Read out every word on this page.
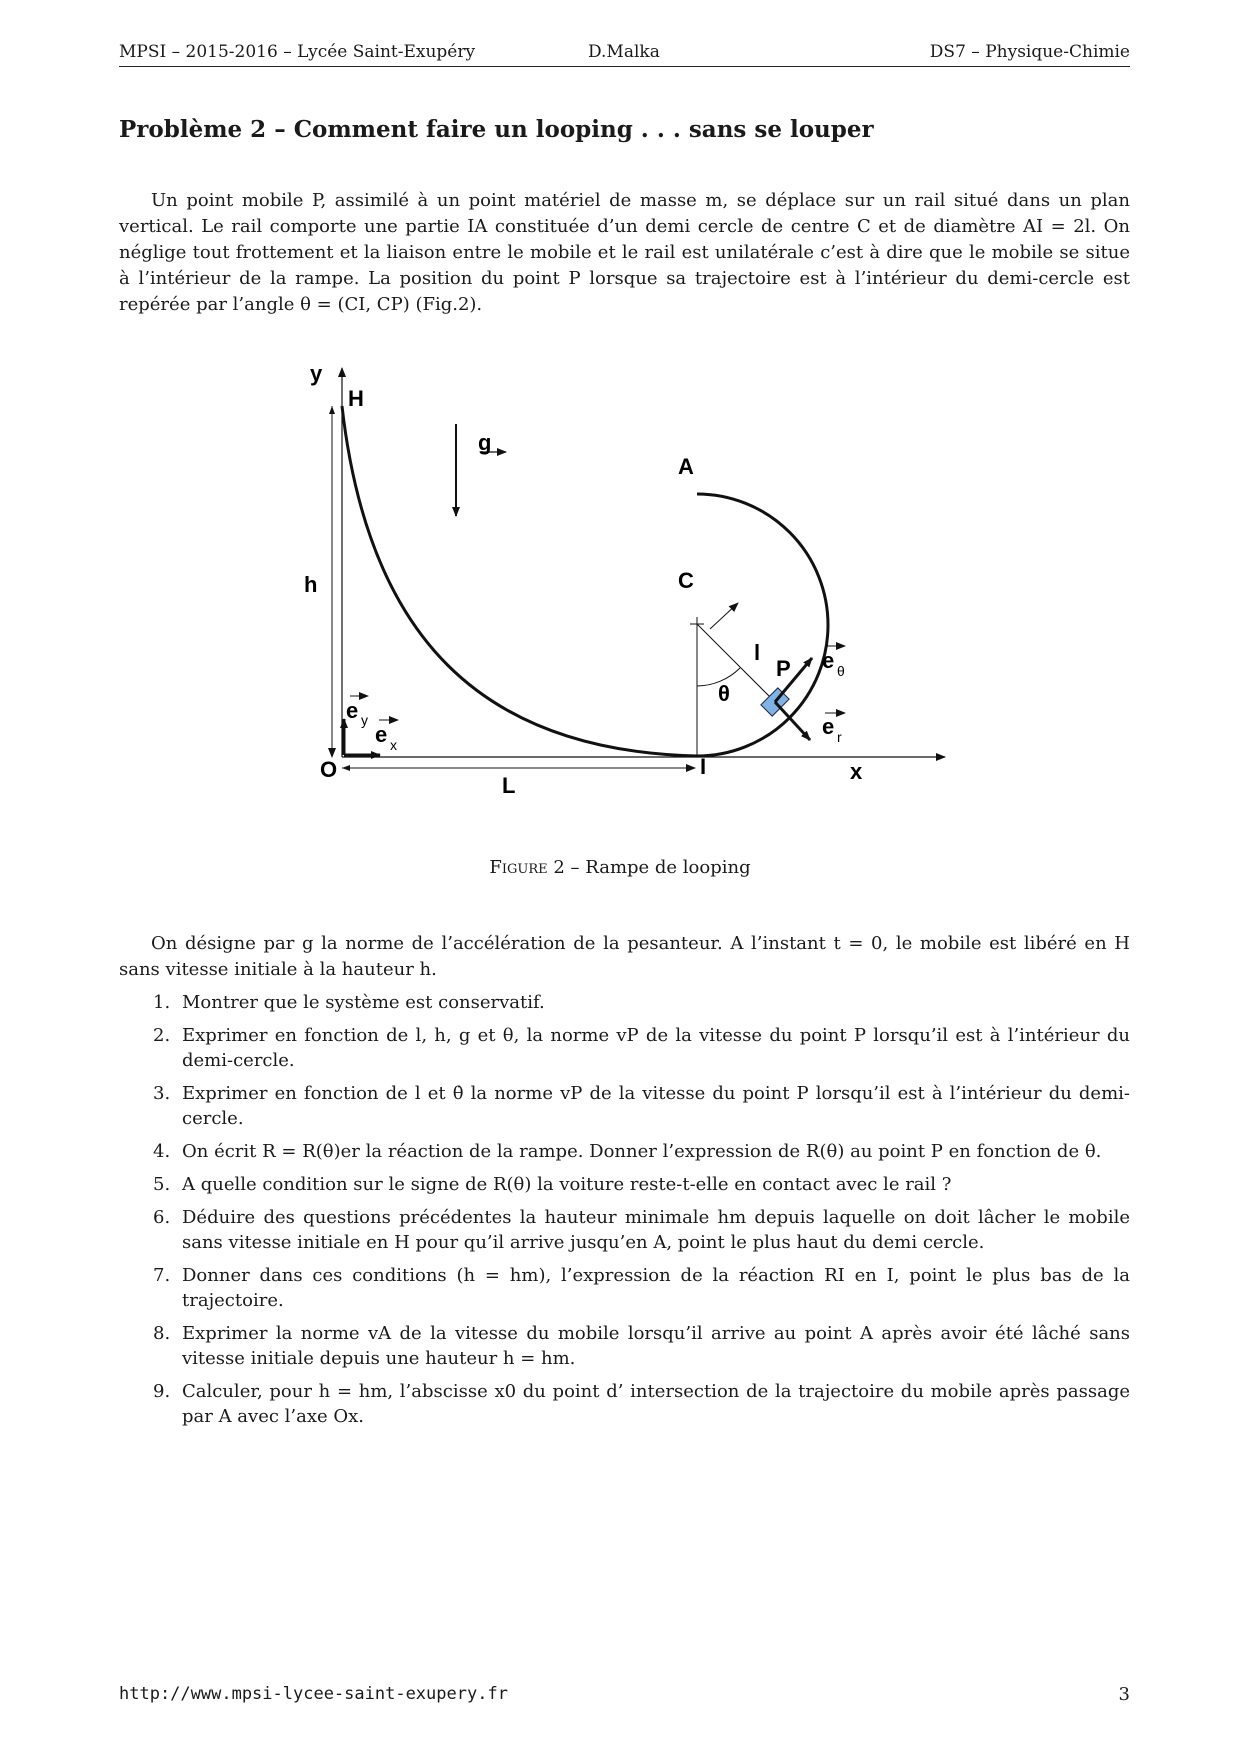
MPSI – 2015-2016 – Lycée Saint-Exupéry	D.Malka	DS7 – Physique-Chimie
Problème 2 – Comment faire un looping . . . sans se louper

Un point mobile P, assimilé à un point matériel de masse m, se déplace sur un rail situé dans un plan vertical. Le rail comporte une partie IA constituée d’un demi cercle de centre C et de diamètre AI = 2l. On néglige tout frottement et la liaison entre le mobile et le rail est unilatérale c’est à dire que le mobile se situe à l’intérieur de la rampe. La position du point P lorsque sa trajectoire est à l’intérieur du demi-cercle est repérée par l’angle θ = (CI, CP) (Fig.2).

y
H
g
A
h	C
l
P
θ
e θ
e y
e x
e r
O	I	x
L
Figure 2 – Rampe de looping

On désigne par g la norme de l’accélération de la pesanteur. A l’instant t = 0, le mobile est libéré en H sans vitesse initiale à la hauteur h.

1. Montrer que le système est conservatif.
2. Exprimer en fonction de l, h, g et θ, la norme vP de la vitesse du point P lorsqu’il est à l’intérieur du demi-cercle.
3. Exprimer en fonction de l et θ̇ la norme vP de la vitesse du point P lorsqu’il est à l’intérieur du demi-cercle.
4. On écrit R = R(θ)er la réaction de la rampe. Donner l’expression de R(θ) au point P en fonction de θ.
5. A quelle condition sur le signe de R(θ) la voiture reste-t-elle en contact avec le rail ?
6. Déduire des questions précédentes la hauteur minimale hm depuis laquelle on doit lâcher le mobile sans vitesse initiale en H pour qu’il arrive jusqu’en A, point le plus haut du demi cercle.
7. Donner dans ces conditions (h = hm), l’expression de la réaction RI en I, point le plus bas de la trajectoire.
8. Exprimer la norme vA de la vitesse du mobile lorsqu’il arrive au point A après avoir été lâché sans vitesse initiale depuis une hauteur h = hm.
9. Calculer, pour h = hm, l’abscisse x0 du point d’ intersection de la trajectoire du mobile après passage par A avec l’axe Ox.
http://www.mpsi-lycee-saint-exupery.fr	3
